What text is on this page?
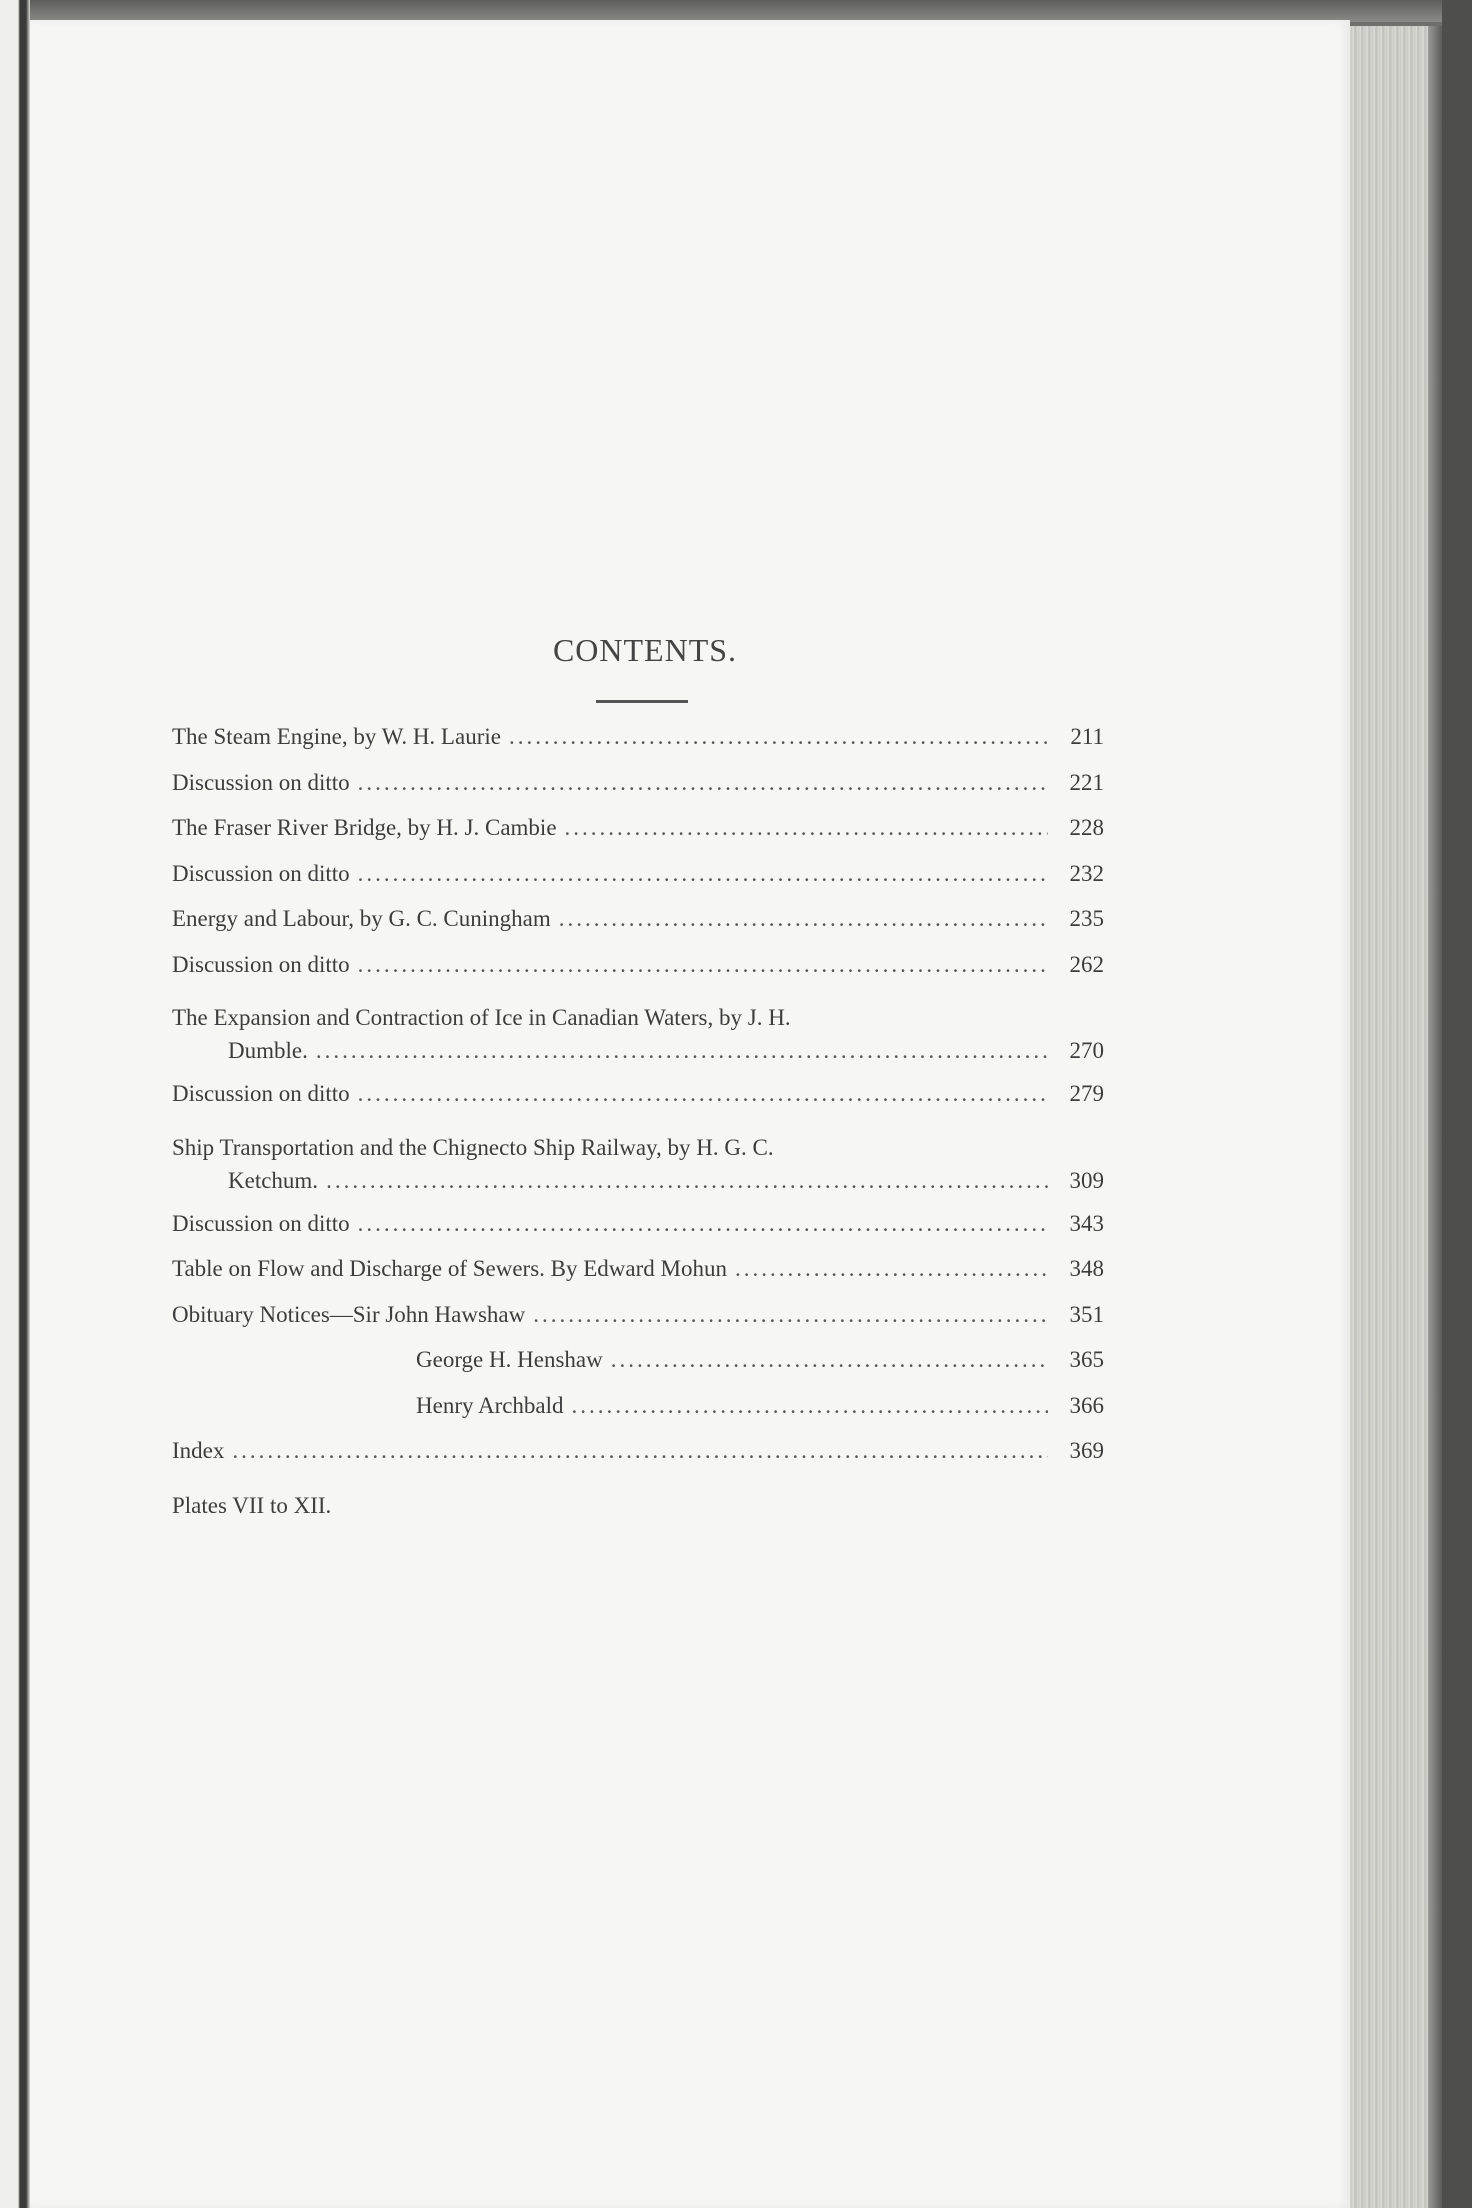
CONTENTS.
The Steam Engine, by W. H. Laurie .....	211
Discussion on ditto .....	221
The Fraser River Bridge, by H. J. Cambie .....	228
Discussion on ditto .....	232
Energy and Labour, by G. C. Cuningham .....	235
Discussion on ditto .....	262
The Expansion and Contraction of Ice in Canadian Waters, by J. H.
Dumble. .....	270
Discussion on ditto .....	279
Ship Transportation and the Chignecto Ship Railway, by H. G. C.
Ketchum. .....	309
Discussion on ditto .....	343
Table on Flow and Discharge of Sewers. By Edward Mohun .....	348
Obituary Notices—Sir John Hawshaw .....	351
George H. Henshaw .....	365
Henry Archbald .....	366
Index .....	369
Plates VII to XII.
